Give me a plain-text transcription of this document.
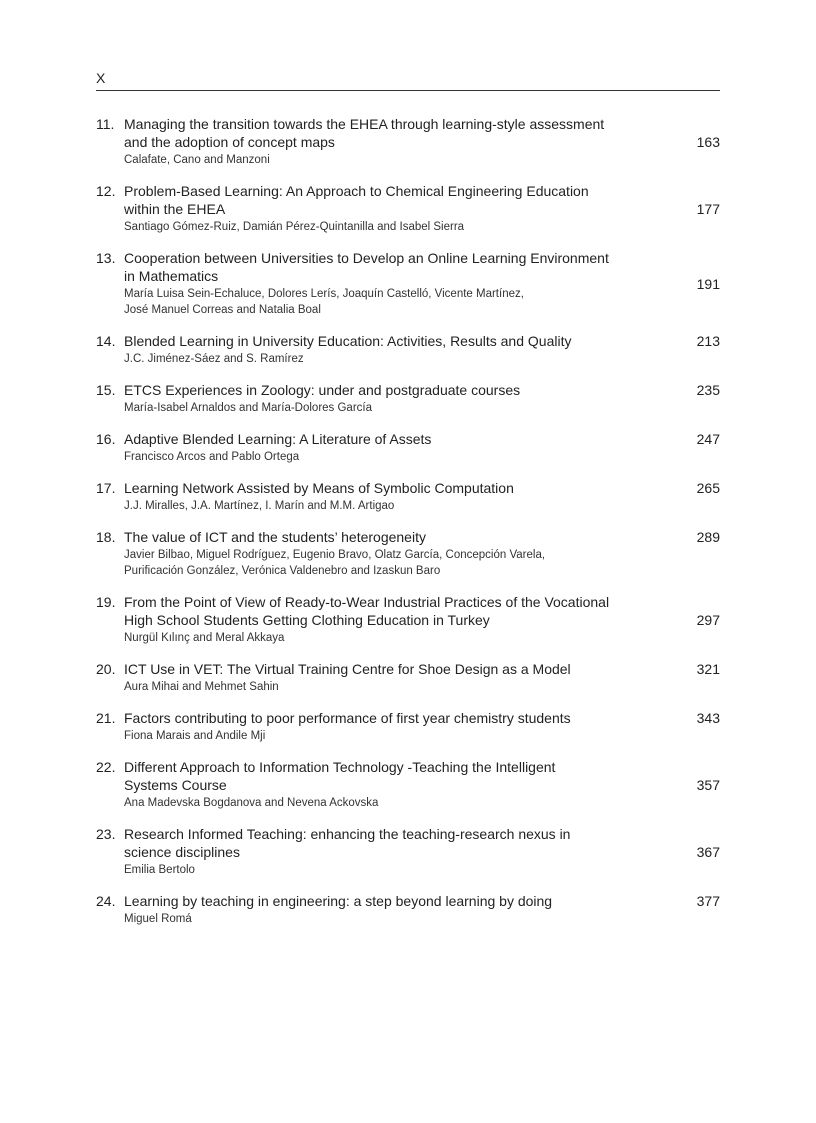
X
11. Managing the transition towards the EHEA through learning-style assessment
and the adoption of concept maps
Calafate, Cano and Manzoni
163
12. Problem-Based Learning: An Approach to Chemical Engineering Education
within the EHEA
Santiago Gómez-Ruiz, Damián Pérez-Quintanilla and Isabel Sierra
177
13. Cooperation between Universities to Develop an Online Learning Environment
in Mathematics
María Luisa Sein-Echaluce, Dolores Lerís, Joaquín Castelló, Vicente Martínez,
José Manuel Correas and Natalia Boal
191
14. Blended Learning in University Education: Activities, Results and Quality
J.C. Jiménez-Sáez and S. Ramírez
213
15. ETCS Experiences in Zoology: under and postgraduate courses
María-Isabel Arnaldos and María-Dolores García
235
16. Adaptive Blended Learning: A Literature of Assets
Francisco Arcos and Pablo Ortega
247
17. Learning Network Assisted by Means of Symbolic Computation
J.J. Miralles, J.A. Martínez, I. Marín and M.M. Artigao
265
18. The value of ICT and the students’ heterogeneity
Javier Bilbao, Miguel Rodríguez, Eugenio Bravo, Olatz García, Concepción Varela,
Purificación González, Verónica Valdenebro and Izaskun Baro
289
19. From the Point of View of Ready-to-Wear Industrial Practices of the Vocational
High School Students Getting Clothing Education in Turkey
Nurgül Kılınç and Meral Akkaya
297
20. ICT Use in VET: The Virtual Training Centre for Shoe Design as a Model
Aura Mihai and Mehmet Sahin
321
21. Factors contributing to poor performance of first year chemistry students
Fiona Marais and Andile Mji
343
22. Different Approach to Information Technology -Teaching the Intelligent
Systems Course
Ana Madevska Bogdanova and Nevena Ackovska
357
23. Research Informed Teaching: enhancing the teaching-research nexus in
science disciplines
Emilia Bertolo
367
24. Learning by teaching in engineering: a step beyond learning by doing
Miguel Romá
377
